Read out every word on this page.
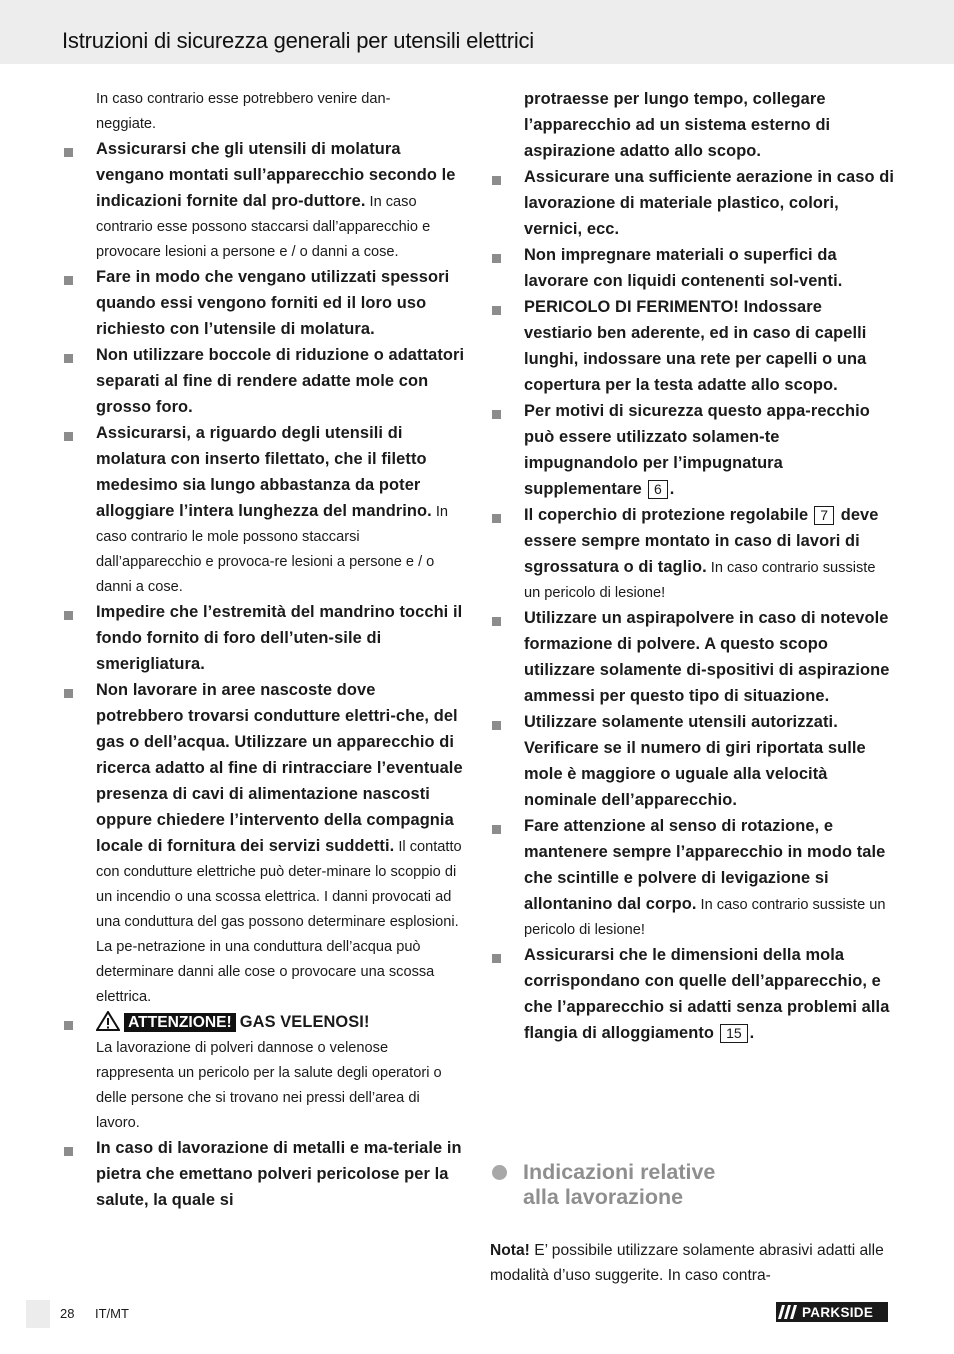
Istruzioni di sicurezza generali per utensili elettrici
In caso contrario esse potrebbero venire dan-
neggiate.
Assicurarsi che gli utensili di molatura vengano montati sull’apparecchio secondo le indicazioni fornite dal pro-duttore. In caso contrario esse possono staccarsi dall’apparecchio e provocare lesioni a persone e / o danni a cose.
Fare in modo che vengano utilizzati spessori quando essi vengono forniti ed il loro uso richiesto con l’utensile di molatura.
Non utilizzare boccole di riduzione o adattatori separati al fine di rendere adatte mole con grosso foro.
Assicurarsi, a riguardo degli utensili di molatura con inserto filettato, che il filetto medesimo sia lungo abbastanza da poter alloggiare l’intera lunghezza del mandrino. In caso contrario le mole possono staccarsi dall’apparecchio e provoca-re lesioni a persone e / o danni a cose.
Impedire che l’estremità del mandrino tocchi il fondo fornito di foro dell’uten-sile di smerigliatura.
Non lavorare in aree nascoste dove potrebbero trovarsi condutture elettri-che, del gas o dell’acqua. Utilizzare un apparecchio di ricerca adatto al fine di rintracciare l’eventuale presenza di cavi di alimentazione nascosti oppure chiedere l’intervento della compagnia locale di fornitura dei servizi suddetti. Il contatto con condutture elettriche può deter-minare lo scoppio di un incendio o una scossa elettrica. I danni provocati ad una conduttura del gas possono determinare esplosioni. La pe-netrazione in una conduttura dell’acqua può determinare danni alle cose o provocare una scossa elettrica.
ATTENZIONE! GAS VELENOSI!
La lavorazione di polveri dannose o velenose rappresenta un pericolo per la salute degli operatori o delle persone che si trovano nei pressi dell’area di lavoro.
In caso di lavorazione di metalli e ma-teriale in pietra che emettano polveri pericolose per la salute, la quale si
protraesse per lungo tempo, collegare l’apparecchio ad un sistema esterno di aspirazione adatto allo scopo.
Assicurare una sufficiente aerazione in caso di lavorazione di materiale plastico, colori, vernici, ecc.
Non impregnare materiali o superfici da lavorare con liquidi contenenti sol-venti.
PERICOLO DI FERIMENTO! Indossare vestiario ben aderente, ed in caso di capelli lunghi, indossare una rete per capelli o una copertura per la testa adatte allo scopo.
Per motivi di sicurezza questo appa-recchio può essere utilizzato solamen-te impugnandolo per l’impugnatura supplementare 6 .
Il coperchio di protezione regolabile 7 deve essere sempre montato in caso di lavori di sgrossatura o di taglio. In caso contrario sussiste un pericolo di lesione!
Utilizzare un aspirapolvere in caso di notevole formazione di polvere. A questo scopo utilizzare solamente di-spositivi di aspirazione ammessi per questo tipo di situazione.
Utilizzare solamente utensili autorizzati. Verificare se il numero di giri riportata sulle mole è maggiore o uguale alla velocità nominale dell’apparecchio.
Fare attenzione al senso di rotazione, e mantenere sempre l’apparecchio in modo tale che scintille e polvere di levigazione si allontanino dal corpo. In caso contrario sussiste un pericolo di lesione!
Assicurarsi che le dimensioni della mola corrispondano con quelle dell’apparecchio, e che l’apparecchio si adatti senza problemi alla flangia di alloggiamento 15 .
Indicazioni relative
alla lavorazione
Nota! E’ possibile utilizzare solamente abrasivi adatti alle modalità d’uso suggerite. In caso contra-
28 IT/MT	PARKSIDE
